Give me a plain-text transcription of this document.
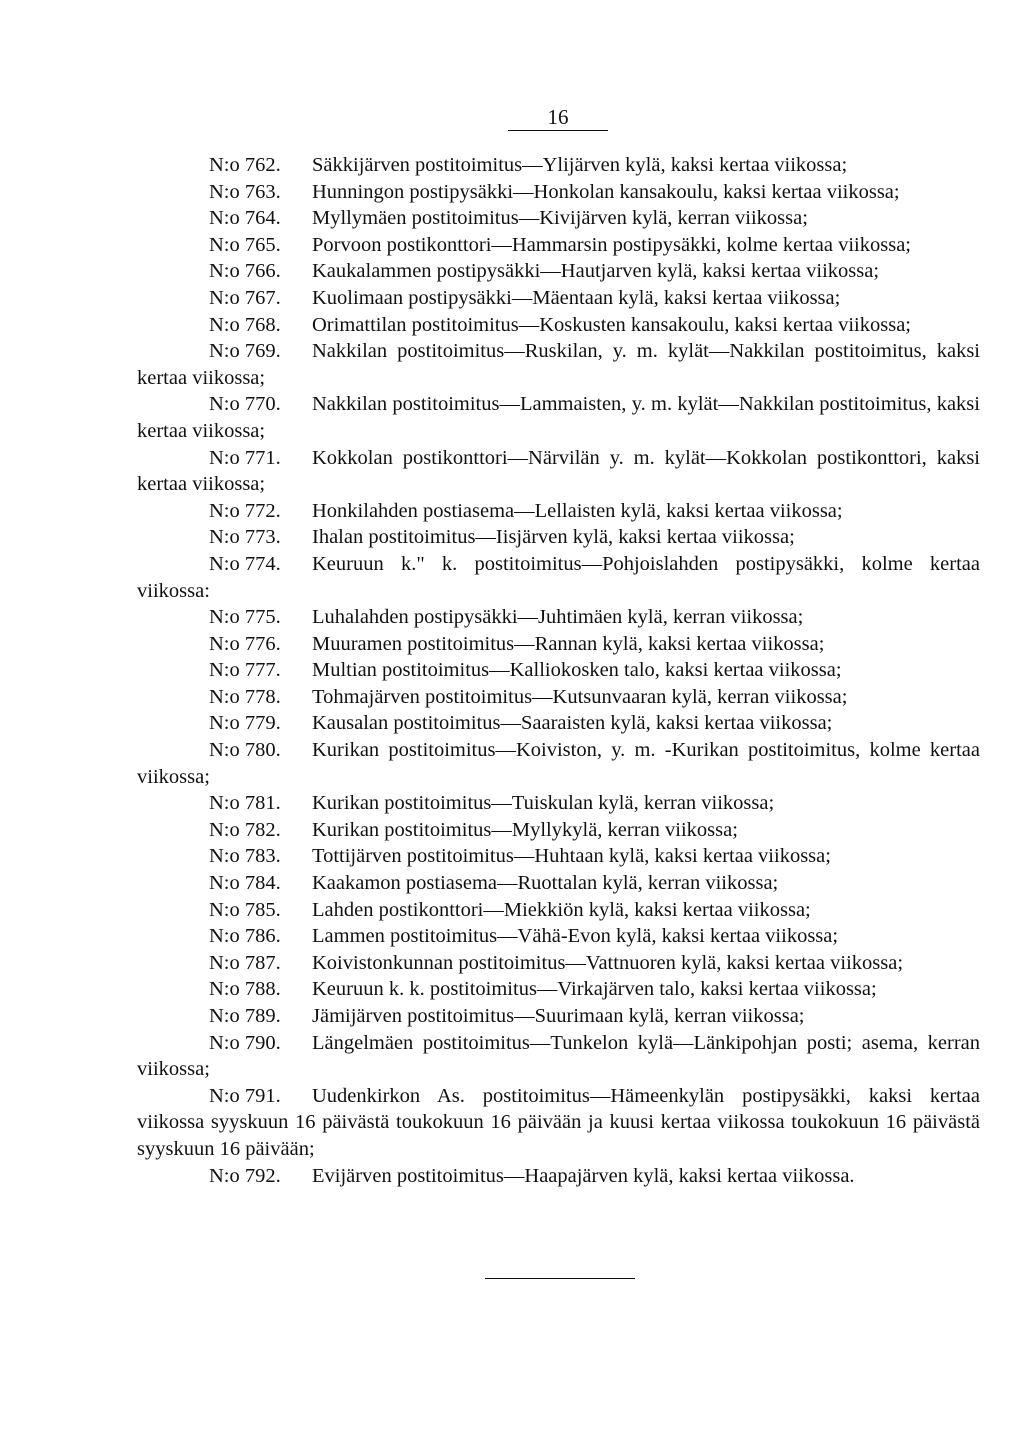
16

N:o 762. Säkkijärven postitoimitus—Ylijärven kylä, kaksi kertaa viikossa;

N:o 763. Hunningon postipysäkki—Honkolan kansakoulu, kaksi kertaa viikossa;

N:o 764. Myllymäen postitoimitus—Kivijärven kylä, kerran viikossa;

N:o 765. Porvoon postikonttori—Hammarsin postipysäkki, kolme kertaa viikossa;

N:o 766. Kaukalammen postipysäkki—Hautjarven kylä, kaksi kertaa viikossa;

N:o 767. Kuolimaan postipysäkki—Mäentaan kylä, kaksi kertaa viikossa;

N:o 768. Orimattilan postitoimitus—Koskusten kansakoulu, kaksi kertaa viikossa;

N:o 769. Nakkilan postitoimitus—Ruskilan, y. m. kylät—Nakkilan postitoimitus, kaksi kertaa viikossa;

N:o 770. Nakkilan postitoimitus—Lammaisten, y. m. kylät—Nakkilan postitoimitus, kaksi kertaa viikossa;

N:o 771. Kokkolan postikonttori—Närvilän y. m. kylät—Kokkolan postikonttori, kaksi kertaa viikossa;

N:o 772. Honkilahden postiasema—Lellaisten kylä, kaksi kertaa viikossa;

N:o 773. Ihalan postitoimitus—Iisjärven kylä, kaksi kertaa viikossa;

N:o 774. Keuruun k." k. postitoimitus—Pohjoislahden postipysäkki, kolme kertaa viikossa:

N:o 775. Luhalahden postipysäkki—Juhtimäen kylä, kerran viikossa;

N:o 776. Muuramen postitoimitus—Rannan kylä, kaksi kertaa viikossa;

N:o 777. Multian postitoimitus—Kalliokosken talo, kaksi kertaa viikossa;

N:o 778. Tohmajärven postitoimitus—Kutsunvaaran kylä, kerran viikossa;

N:o 779. Kausalan postitoimitus—Saaraisten kylä, kaksi kertaa viikossa;

N:o 780. Kurikan postitoimitus—Koiviston, y. m. -Kurikan postitoimitus, kolme kertaa viikossa;

N:o 781. Kurikan postitoimitus—Tuiskulan kylä, kerran viikossa;

N:o 782. Kurikan postitoimitus—Myllykylä, kerran viikossa;

N:o 783. Tottijärven postitoimitus—Huhtaan kylä, kaksi kertaa viikossa;

N:o 784. Kaakamon postiasema—Ruottalan kylä, kerran viikossa;

N:o 785. Lahden postikonttori—Miekkiön kylä, kaksi kertaa viikossa;

N:o 786. Lammen postitoimitus—Vähä-Evon kylä, kaksi kertaa viikossa;

N:o 787. Koivistonkunnan postitoimitus—Vattnuoren kylä, kaksi kertaa viikossa;

N:o 788. Keuruun k. k. postitoimitus—Virkajärven talo, kaksi kertaa viikossa;

N:o 789. Jämijärven postitoimitus—Suurimaan kylä, kerran viikossa;

N:o 790. Längelmäen postitoimitus—Tunkelon kylä—Länkipohjan posti; asema, kerran viikossa;

N:o 791. Uudenkirkon As. postitoimitus—Hämeenkylän postipysäkki, kaksi kertaa viikossa syyskuun 16 päivästä toukokuun 16 päivään ja kuusi kertaa viikossa toukokuun 16 päivästä syyskuun 16 päivään;

N:o 792. Evijärven postitoimitus—Haapajärven kylä, kaksi kertaa viikossa.
